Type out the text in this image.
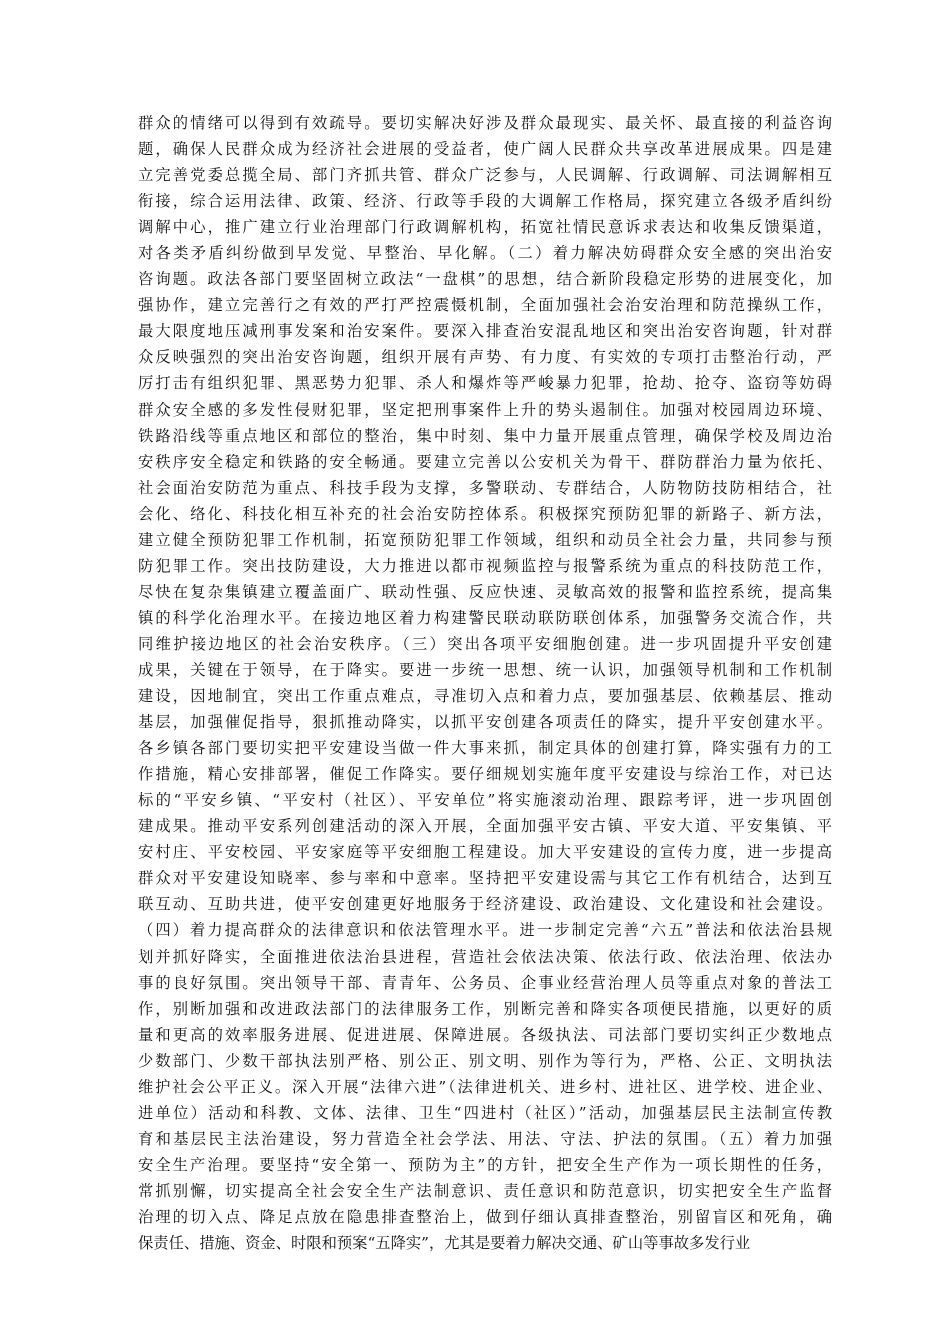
群众的情绪可以得到有效疏导。要切实解决好涉及群众最现实、最关怀、最直接的利益咨询
题，确保人民群众成为经济社会进展的受益者，使广阔人民群众共享改革进展成果。四是建
立完善党委总揽全局、部门齐抓共管、群众广泛参与，人民调解、行政调解、司法调解相互
衔接，综合运用法律、政策、经济、行政等手段的大调解工作格局，探究建立各级矛盾纠纷
调解中心，推广建立行业治理部门行政调解机构，拓宽社情民意诉求表达和收集反馈渠道，
对各类矛盾纠纷做到早发觉、早整治、早化解。（二）着力解决妨碍群众安全感的突出治安
咨询题。政法各部门要坚固树立政法“一盘棋”的思想，结合新阶段稳定形势的进展变化，加
强协作，建立完善行之有效的严打严控震慑机制，全面加强社会治安治理和防范操纵工作，
最大限度地压减刑事发案和治安案件。要深入排查治安混乱地区和突出治安咨询题，针对群
众反映强烈的突出治安咨询题，组织开展有声势、有力度、有实效的专项打击整治行动，严
厉打击有组织犯罪、黑恶势力犯罪、杀人和爆炸等严峻暴力犯罪，抢劫、抢夺、盗窃等妨碍
群众安全感的多发性侵财犯罪，坚定把刑事案件上升的势头遏制住。加强对校园周边环境、
铁路沿线等重点地区和部位的整治，集中时刻、集中力量开展重点管理，确保学校及周边治
安秩序安全稳定和铁路的安全畅通。要建立完善以公安机关为骨干、群防群治力量为依托、
社会面治安防范为重点、科技手段为支撑，多警联动、专群结合，人防物防技防相结合，社
会化、络化、科技化相互补充的社会治安防控体系。积极探究预防犯罪的新路子、新方法，
建立健全预防犯罪工作机制，拓宽预防犯罪工作领域，组织和动员全社会力量，共同参与预
防犯罪工作。突出技防建设，大力推进以都市视频监控与报警系统为重点的科技防范工作，
尽快在复杂集镇建立覆盖面广、联动性强、反应快速、灵敏高效的报警和监控系统，提高集
镇的科学化治理水平。在接边地区着力构建警民联动联防联创体系，加强警务交流合作，共
同维护接边地区的社会治安秩序。（三）突出各项平安细胞创建。进一步巩固提升平安创建
成果，关键在于领导，在于降实。要进一步统一思想、统一认识，加强领导机制和工作机制
建设，因地制宜，突出工作重点难点，寻准切入点和着力点，要加强基层、依赖基层、推动
基层，加强催促指导，狠抓推动降实，以抓平安创建各项责任的降实，提升平安创建水平。
各乡镇各部门要切实把平安建设当做一件大事来抓，制定具体的创建打算，降实强有力的工
作措施，精心安排部署，催促工作降实。要仔细规划实施年度平安建设与综治工作，对已达
标的“平安乡镇、“平安村（社区）、平安单位”将实施滚动治理、跟踪考评，进一步巩固创
建成果。推动平安系列创建活动的深入开展，全面加强平安古镇、平安大道、平安集镇、平
安村庄、平安校园、平安家庭等平安细胞工程建设。加大平安建设的宣传力度，进一步提高
群众对平安建设知晓率、参与率和中意率。坚持把平安建设需与其它工作有机结合，达到互
联互动、互助共进，使平安创建更好地服务于经济建设、政治建设、文化建设和社会建设。
（四）着力提高群众的法律意识和依法管理水平。进一步制定完善“六五”普法和依法治县规
划并抓好降实，全面推进依法治县进程，营造社会依法决策、依法行政、依法治理、依法办
事的良好氛围。突出领导干部、青青年、公务员、企事业经营治理人员等重点对象的普法工
作，别断加强和改进政法部门的法律服务工作，别断完善和降实各项便民措施，以更好的质
量和更高的效率服务进展、促进进展、保障进展。各级执法、司法部门要切实纠正少数地点
少数部门、少数干部执法别严格、别公正、别文明、别作为等行为，严格、公正、文明执法
维护社会公平正义。深入开展“法律六进”（法律进机关、进乡村、进社区、进学校、进企业、
进单位）活动和科教、文体、法律、卫生“四进村（社区）”活动，加强基层民主法制宣传教
育和基层民主法治建设，努力营造全社会学法、用法、守法、护法的氛围。（五）着力加强
安全生产治理。要坚持“安全第一、预防为主”的方针，把安全生产作为一项长期性的任务，
常抓别懈，切实提高全社会安全生产法制意识、责任意识和防范意识，切实把安全生产监督
治理的切入点、降足点放在隐患排查整治上，做到仔细认真排查整治，别留盲区和死角，确
保责任、措施、资金、时限和预案“五降实”，尤其是要着力解决交通、矿山等事故多发行业
